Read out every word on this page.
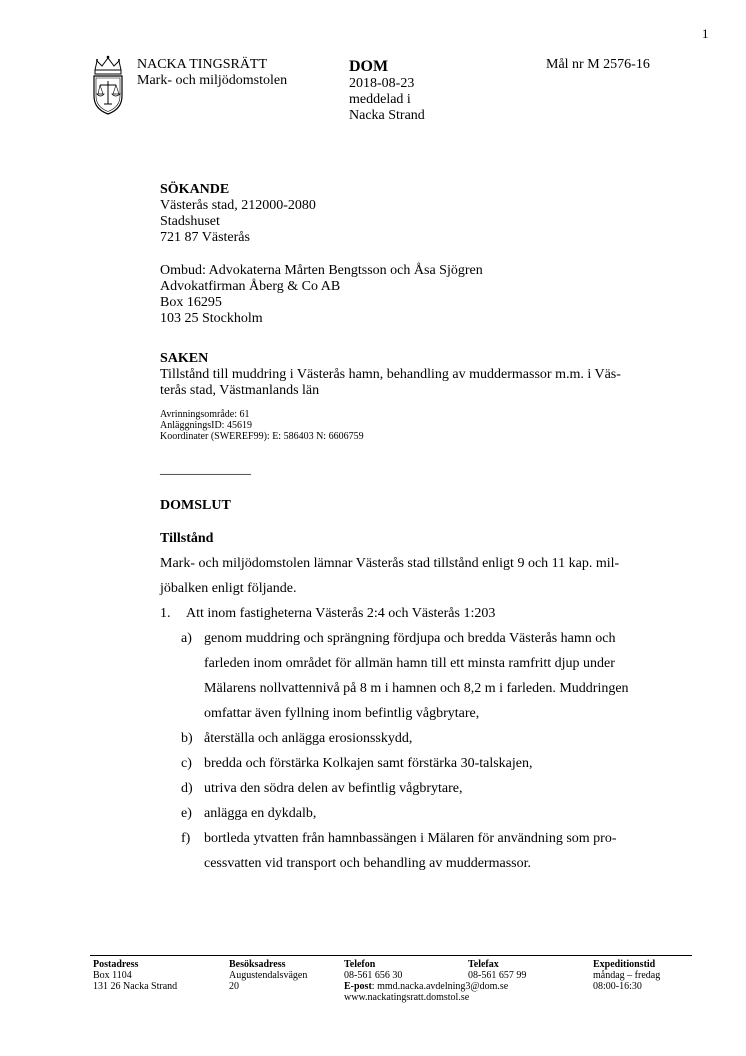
1
NACKA TINGSRÄTT
Mark- och miljödomstolen
DOM
2018-08-23
meddelad i
Nacka Strand
Mål nr M 2576-16

SÖKANDE

Västerås stad, 212000-2080

Stadshuset

721 87 Västerås

Ombud: Advokaterna Mårten Bengtsson och Åsa Sjögren

Advokatfirman Åberg & Co AB

Box 16295

103 25 Stockholm

SAKEN

Tillstånd till muddring i Västerås hamn, behandling av muddermassor m.m. i Väs-

terås stad, Västmanlands län

Avrinningsområde: 61

AnläggningsID: 45619

Koordinater (SWEREF99): E: 586403 N: 6606759

_____________

DOMSLUT

Tillstånd

Mark- och miljödomstolen lämnar Västerås stad tillstånd enligt 9 och 11 kap. mil-

jöbalken enligt följande.

1. Att inom fastigheterna Västerås 2:4 och Västerås 1:203
a) genom muddring och sprängning fördjupa och bredda Västerås hamn och
farleden inom området för allmän hamn till ett minsta ramfritt djup under
Mälarens nollvattennivå på 8 m i hamnen och 8,2 m i farleden. Muddringen
omfattar även fyllning inom befintlig vågbrytare,
b) återställa och anlägga erosionsskydd,
c) bredda och förstärka Kolkajen samt förstärka 30-talskajen,
d) utriva den södra delen av befintlig vågbrytare,
e) anlägga en dykdalb,
f) bortleda ytvatten från hamnbassängen i Mälaren för användning som pro-
cessvatten vid transport och behandling av muddermassor.
Postadress
Box 1104
131 26 Nacka Strand
Besöksadress
Augustendalsvägen
20
Telefon
08-561 656 30
E-post: mmd.nacka.avdelning3@dom.se
www.nackatingsratt.domstol.se
Telefax
08-561 657 99
Expeditionstid
måndag – fredag
08:00-16:30
